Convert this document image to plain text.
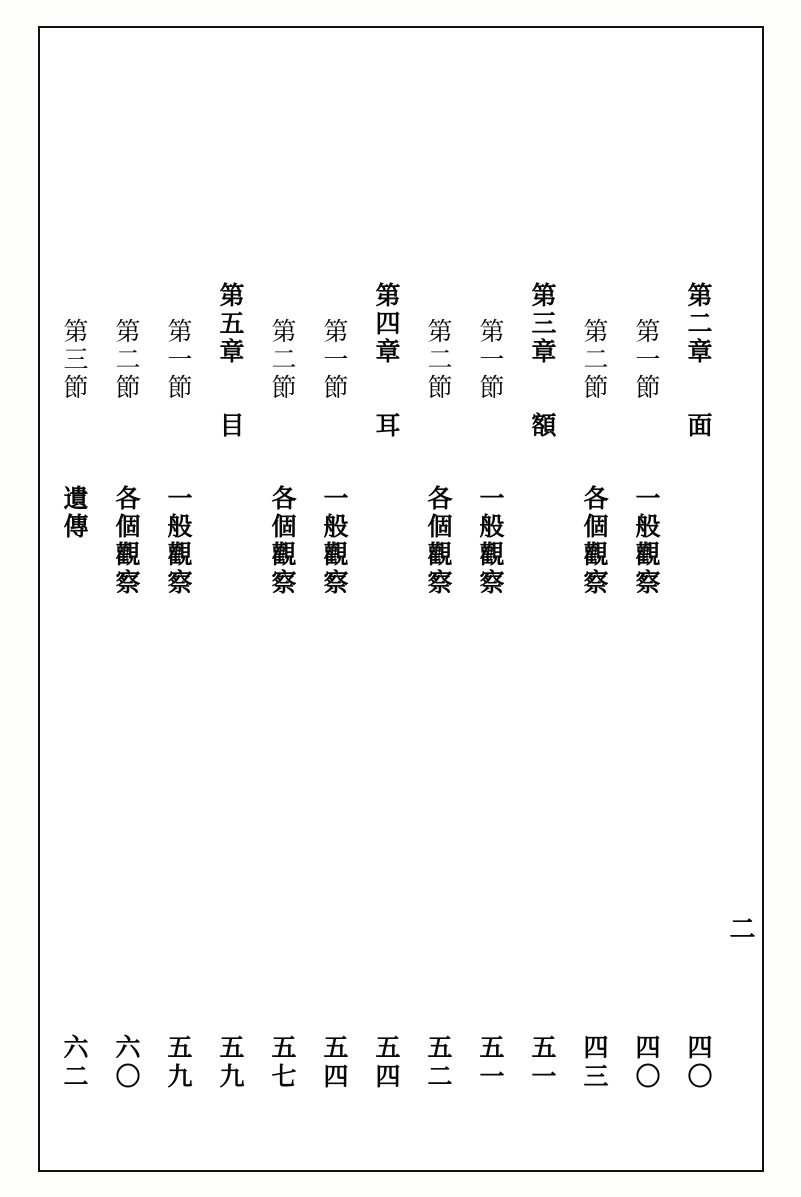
第二章
面
四〇
第一節
一般觀察
四〇
第二節
各個觀察
四三
第三章
額
五一
第一節
一般觀察
五一
第二節
各個觀察
五二
第四章
耳
五四
第一節
一般觀察
五四
第二節
各個觀察
五七
第五章
目
五九
第一節
一般觀察
五九
第二節
各個觀察
六〇
第三節
遺傳
六二
二
